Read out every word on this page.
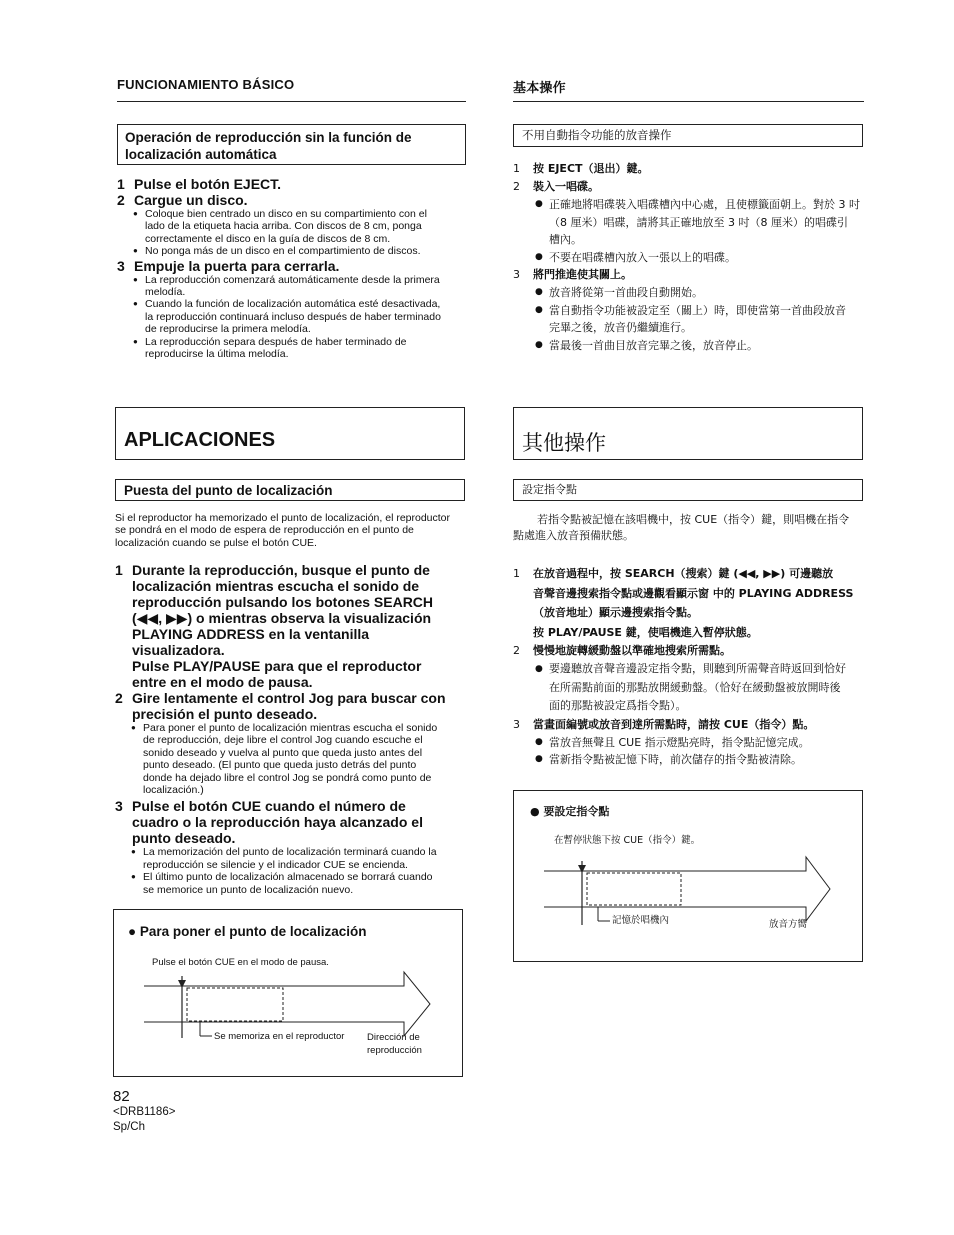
FUNCIONAMIENTO BÁSICO
Operación de reproducción sin la función de
localización automática
1 Pulse el botón EJECT.
2 Cargue un disco.
● Coloque bien centrado un disco en su compartimiento con el
lado de la etiqueta hacia arriba. Con discos de 8 cm, ponga
correctamente el disco en la guía de discos de 8 cm.
● No ponga más de un disco en el compartimiento de discos.
3 Empuje la puerta para cerrarla.
● La reproducción comenzará automáticamente desde la primera
melodía.
● Cuando la función de localización automática esté desactivada,
la reproducción continuará incluso después de haber terminado
de reproducirse la primera melodía.
● La reproducción separa después de haber terminado de
reproducirse la última melodía.
APLICACIONES
Puesta del punto de localización
Si el reproductor ha memorizado el punto de localización, el reproductor
se pondrá en el modo de espera de reproducción en el punto de
localización cuando se pulse el botón CUE.
1 Durante la reproducción, busque el punto de
localización mientras escucha el sonido de
reproducción pulsando los botones SEARCH
(◀◀, ▶▶) o mientras observa la visualización
PLAYING ADDRESS en la ventanilla
visualizadora.
Pulse PLAY/PAUSE para que el reproductor
entre en el modo de pausa.
2 Gire lentamente el control Jog para buscar con
precisión el punto deseado.
● Para poner el punto de localización mientras escucha el sonido
de reproducción, deje libre el control Jog cuando escuche el
sonido deseado y vuelva al punto que queda justo antes del
punto deseado. (El punto que queda justo detrás del punto
donde ha dejado libre el control Jog se pondrá como punto de
localización.)
3 Pulse el botón CUE cuando el número de
cuadro o la reproducción haya alcanzado el
punto deseado.
● La memorización del punto de localización terminará cuando la
reproducción se silencie y el indicador CUE se encienda.
● El último punto de localización almacenado se borrará cuando
se memorice un punto de localización nuevo.
● Para poner el punto de localización
Pulse el botón CUE en el modo de pausa.
Se memoriza en el reproductor Dirección de
reproducción
基本操作
不用自動指令功能的放音操作
1 按 EJECT（退出）鍵。
2 裝入一唱碟。
● 正確地將唱碟裝入唱碟槽內中心處，且使標籤面朝上。對於 3 吋
（8 厘米）唱碟，請將其正確地放至 3 吋（8 厘米）的唱碟引
槽內。
● 不要在唱碟槽內放入一張以上的唱碟。
3 將門推進使其關上。
● 放音將從第一首曲段自動開始。
● 當自動指令功能被設定至（關上）時，即使當第一首曲段放音
完畢之後，放音仍繼續進行。
● 當最後一首曲目放音完畢之後，放音停止。
其他操作
設定指令點
若指令點被記憶在該唱機中，按 CUE（指令）鍵，則唱機在指令
點處進入放音預備狀態。
1	在放音過程中，按 SEARCH（搜索）鍵 (◀◀, ▶▶) 可邊聽放
音聲音邊搜索指令點或邊觀看顯示窗 中的 PLAYING ADDRESS
（放音地址）顯示邊搜索指令點。
按 PLAY/PAUSE 鍵，使唱機進入暫停狀態。
2 慢慢地旋轉緩動盤以準確地搜索所需點。
● 要邊聽放音聲音邊設定指令點，則聽到所需聲音時返回到恰好
在所需點前面的那點放開緩動盤。（恰好在緩動盤被放開時後
面的那點被設定爲指令點）。
3 當畫面編號或放音到達所需點時，請按 CUE（指令）點。
● 當放音無聲且 CUE 指示燈點亮時，指令點記憶完成。
● 當新指令點被記憶下時，前次儲存的指令點被清除。
● 要設定指令點
在暫停狀態下按 CUE（指令）鍵。
記憶於唱機內	放音方嚮
82
<DRB1186>
Sp/Ch
